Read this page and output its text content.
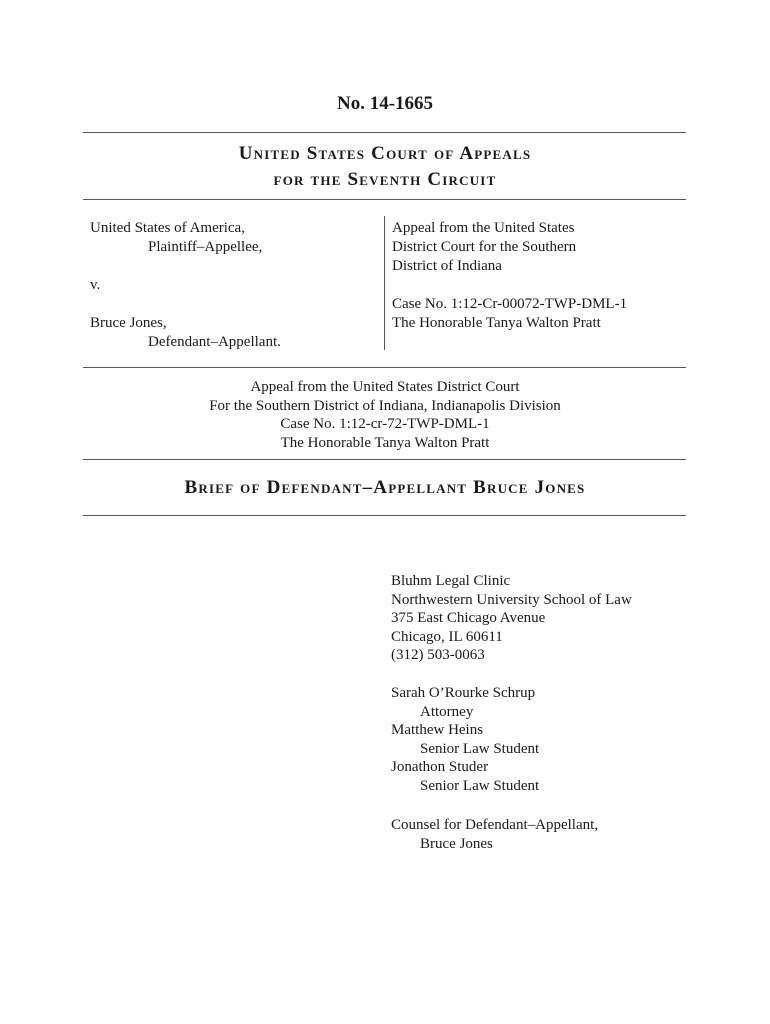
No. 14-1665
United States Court of Appeals
for the Seventh Circuit
United States of America,
Plaintiff–Appellee,
v.
Bruce Jones,
Defendant–Appellant.
Appeal from the United States
District Court for the Southern
District of Indiana
Case No. 1:12-Cr-00072-TWP-DML-1
The Honorable Tanya Walton Pratt
Appeal from the United States District Court
For the Southern District of Indiana, Indianapolis Division
Case No. 1:12-cr-72-TWP-DML-1
The Honorable Tanya Walton Pratt
Brief of Defendant–Appellant Bruce Jones
Bluhm Legal Clinic
Northwestern University School of Law
375 East Chicago Avenue
Chicago, IL 60611
(312) 503-0063
Sarah O’Rourke Schrup
Attorney
Matthew Heins
Senior Law Student
Jonathon Studer
Senior Law Student
Counsel for Defendant–Appellant,
Bruce Jones
